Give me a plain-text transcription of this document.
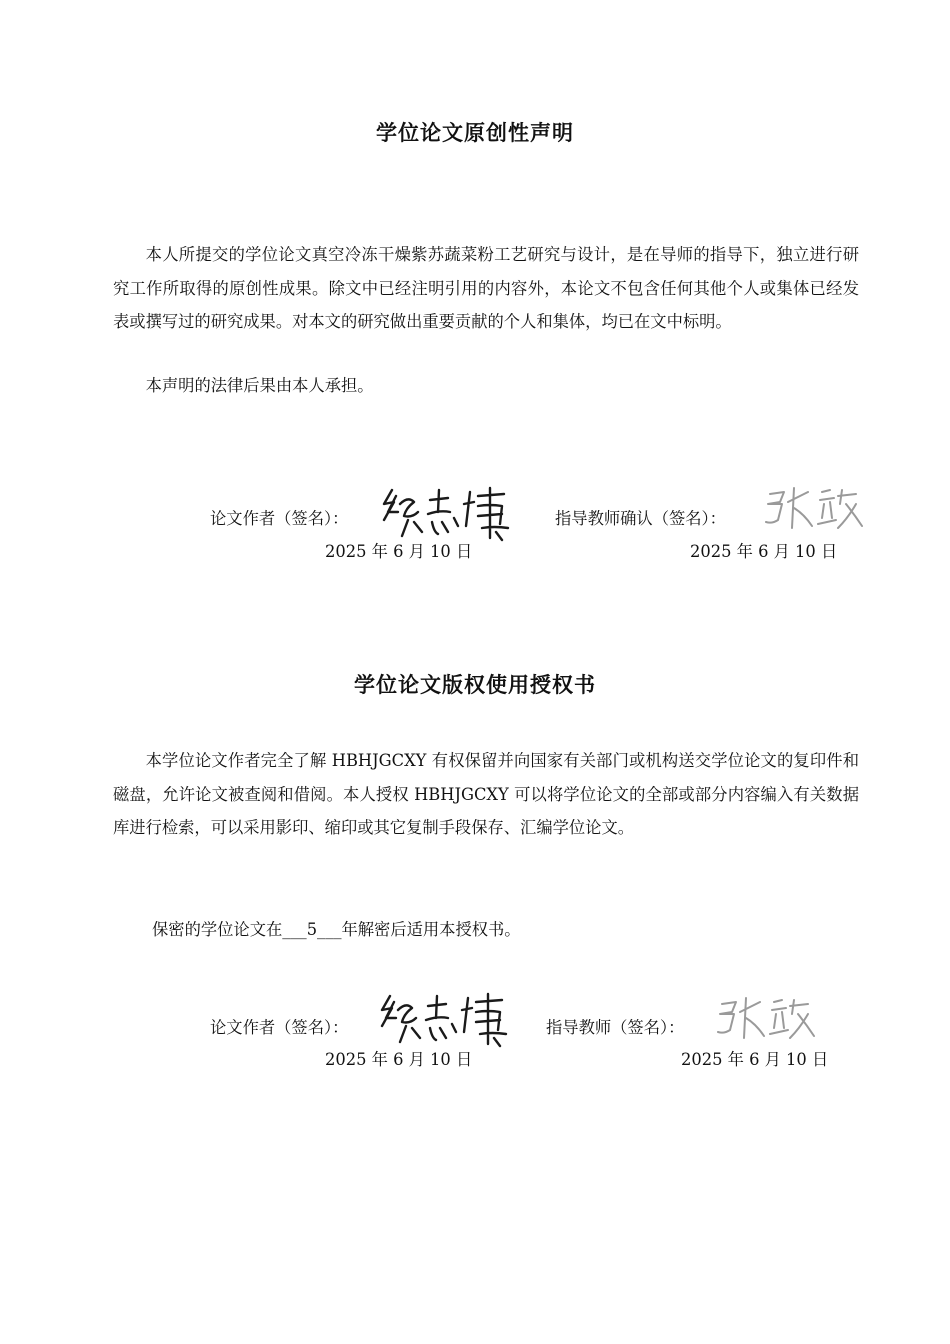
学位论文原创性声明

本人所提交的学位论文真空冷冻干燥紫苏蔬菜粉工艺研究与设计，是在导师的指导下，独立进行研究工作所取得的原创性成果。除文中已经注明引用的内容外，本论文不包含任何其他个人或集体已经发表或撰写过的研究成果。对本文的研究做出重要贡献的个人和集体，均已在文中标明。

本声明的法律后果由本人承担。

论文作者（签名）：
2025 年 6 月 10 日
指导教师确认（签名）：
2025 年 6 月 10 日
学位论文版权使用授权书

本学位论文作者完全了解 HBHJGCXY 有权保留并向国家有关部门或机构送交学位论文的复印件和磁盘，允许论文被查阅和借阅。本人授权 HBHJGCXY 可以将学位论文的全部或部分内容编入有关数据库进行检索，可以采用影印、缩印或其它复制手段保存、汇编学位论文。

保密的学位论文在___5___年解密后适用本授权书。
论文作者（签名）：
2025 年 6 月 10 日
指导教师（签名）：
2025 年 6 月 10 日
